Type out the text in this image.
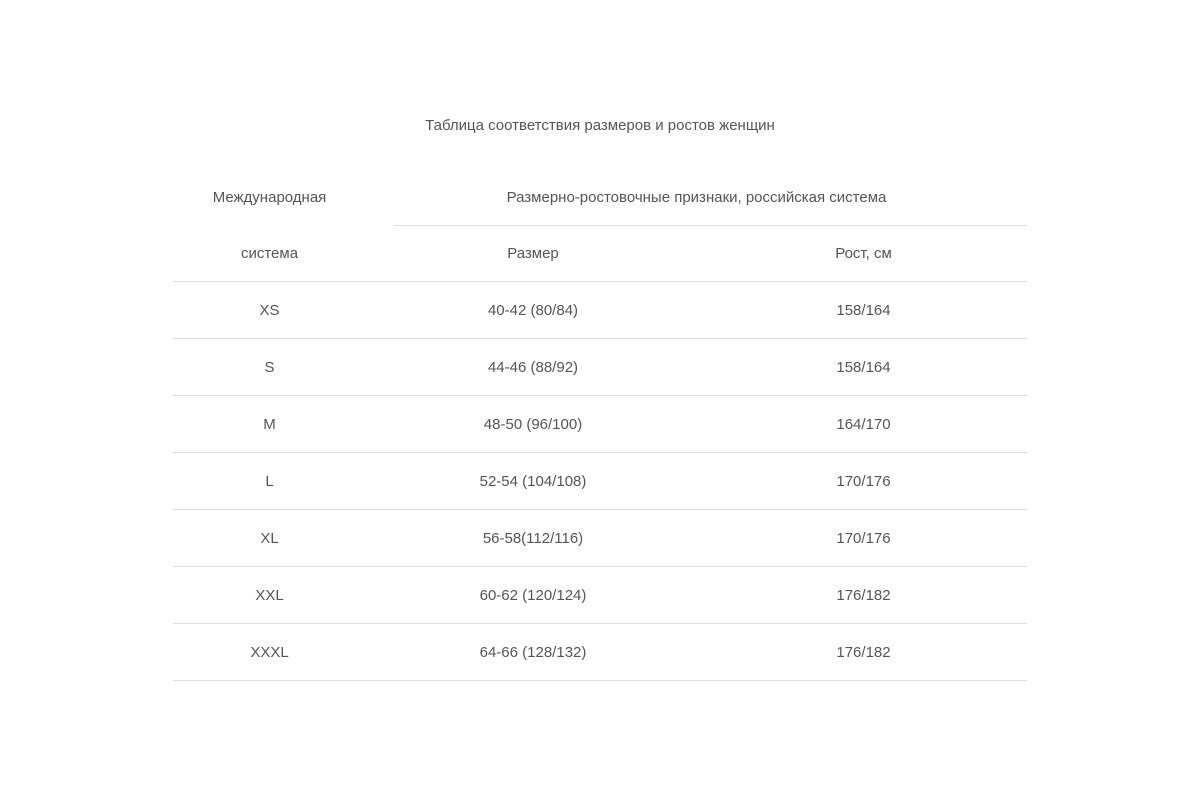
Таблица соответствия размеров и ростов женщин
Международная	Размерно-ростовочные признаки, российская система	

система	Размер	Рост, см
XS	40-42 (80/84)	158/164
S	44-46 (88/92)	158/164
M	48-50 (96/100)	164/170
L	52-54 (104/108)	170/176
XL	56-58(112/116)	170/176
XXL	60-62 (120/124)	176/182
XXXL	64-66 (128/132)	176/182
